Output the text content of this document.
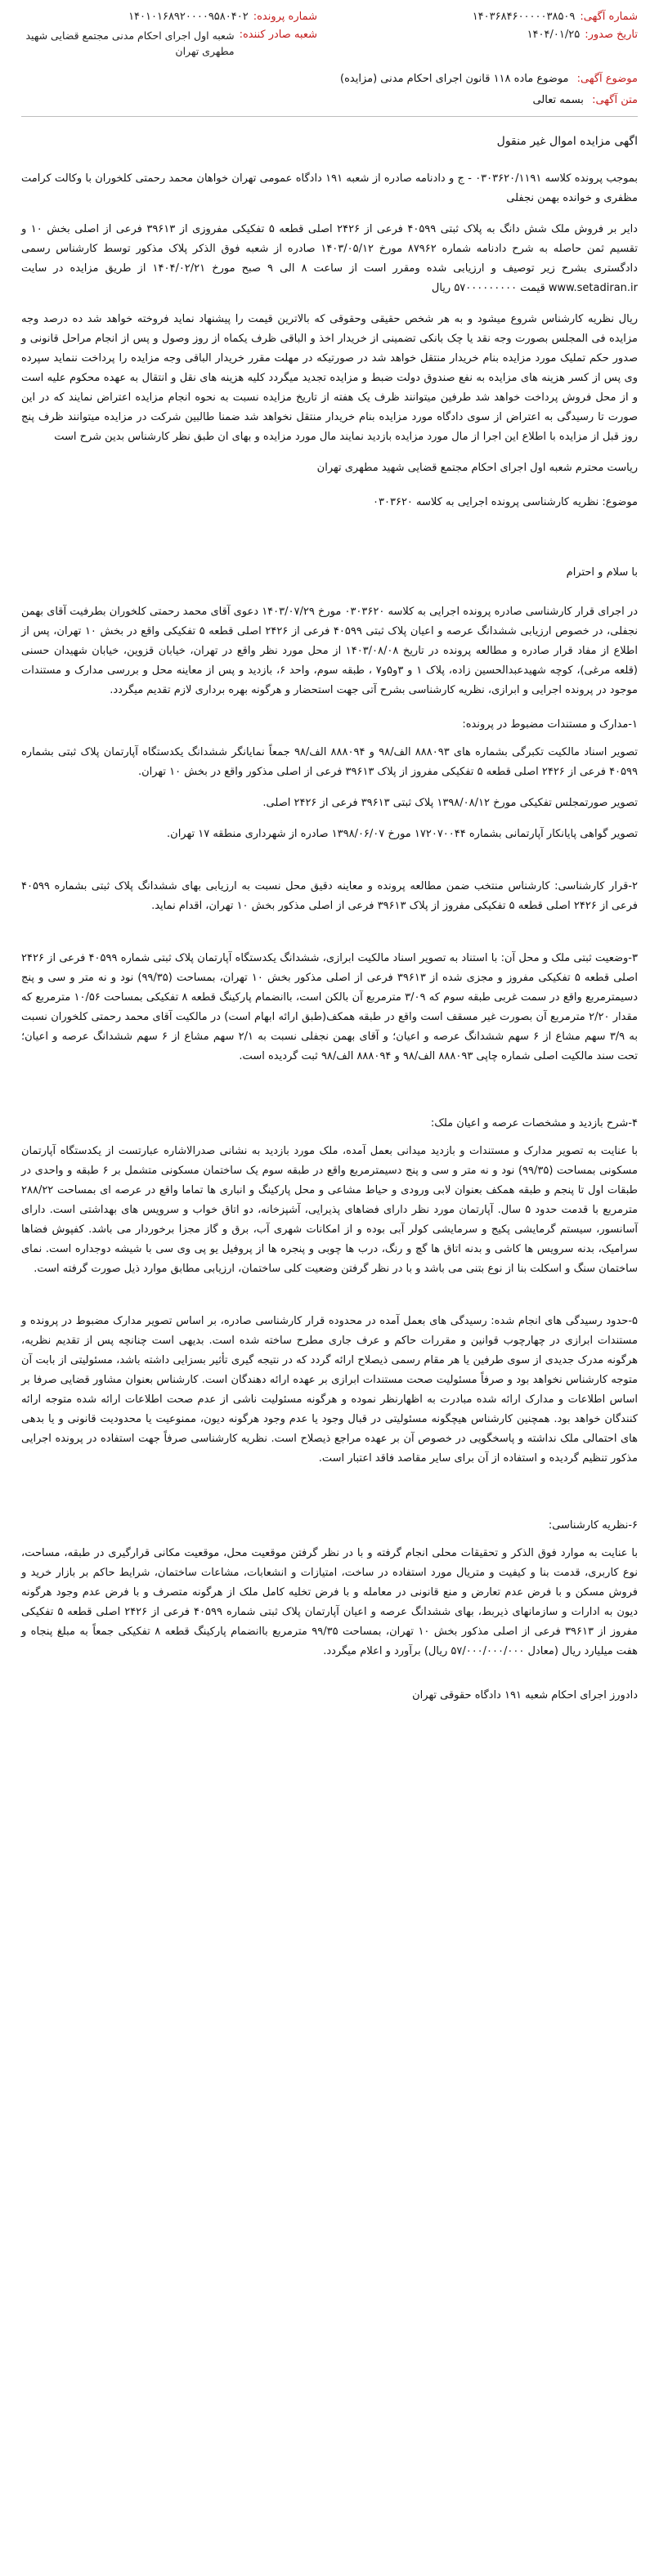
شماره آگهی:
۱۴۰۳۶۸۴۶۰۰۰۰۰۳۸۵۰۹
تاریخ صدور:
۱۴۰۴/۰۱/۲۵
شماره پرونده:
۱۴۰۱۰۱۶۸۹۲۰۰۰۰۹۵۸۰۴۰۲
شعبه صادر کننده:
شعبه اول اجرای احکام مدنی مجتمع قضایی شهید مطهری تهران
موضوع آگهی: موضوع ماده ۱۱۸ قانون اجرای احکام مدنی (مزایده)
متن آگهی: بسمه تعالی
اگهی مزایده اموال غیر منقول

بموجب پرونده کلاسه ۰۳۰۳۶۲۰/۱۱۹۱ - ج و دادنامه صادره از شعبه ۱۹۱ دادگاه عمومی تهران خواهان محمد رحمتی کلخوران با وکالت کرامت مظفری و خوانده بهمن نجفلی

دایر بر فروش ملک شش دانگ به پلاک ثبتی ۴۰۵۹۹ فرعی از ۲۴۲۶ اصلی قطعه ۵ تفکیکی مفروزی از ۳۹۶۱۳ فرعی از اصلی بخش ۱۰ و تقسیم ثمن حاصله به شرح دادنامه شماره ۸۷۹۶۲ مورخ ۱۴۰۳/۰۵/۱۲ صادره از شعبه فوق الذکر پلاک مذکور توسط کارشناس رسمی دادگستری بشرح زیر توصیف و ارزیابی شده ومقرر است از ساعت ۸ الی ۹ صبح مورخ ۱۴۰۴/۰۲/۲۱ از طریق مزایده در سایت www.setadiran.ir قیمت ۵۷۰۰۰۰۰۰۰۰۰ ریال

ریال نظریه کارشناس شروع میشود و به هر شخص حقیقی وحقوقی که بالاترین قیمت را پیشنهاد نماید فروخته خواهد شد ده درصد وجه مزایده فی المجلس بصورت وجه نقد یا چک بانکی تضمینی از خریدار اخذ و الباقی ظرف یکماه از روز وصول و پس از انجام مراحل قانونی و صدور حکم تملیک مورد مزایده بنام خریدار منتقل خواهد شد در صورتیکه در مهلت مقرر خریدار الباقی وجه مزایده را پرداخت ننماید سپرده وی پس از کسر هزینه های مزایده به نفع صندوق دولت ضبط و مزایده تجدید میگردد کلیه هزینه های نقل و انتقال به عهده محکوم علیه است و از محل فروش پرداخت خواهد شد طرفین میتوانند ظرف یک هفته از تاریخ مزایده نسبت به نحوه انجام مزایده اعتراض نمایند که در این صورت تا رسیدگی به اعتراض از سوی دادگاه مورد مزایده بنام خریدار منتقل نخواهد شد ضمنا طالبین شرکت در مزایده میتوانند ظرف پنج روز قبل از مزایده با اطلاع این اجرا از مال مورد مزایده بازدید نمایند مال مورد مزایده و بهای ان طبق نظر کارشناس بدین شرح است

ریاست محترم شعبه اول اجرای احکام مجتمع قضایی شهید مطهری تهران
موضوع: نظریه کارشناسی پرونده اجرایی به کلاسه ۰۳۰۳۶۲۰
با سلام و احترام

در اجرای قرار کارشناسی صادره پرونده اجرایی به کلاسه ۰۳۰۳۶۲۰ مورخ ۱۴۰۳/۰۷/۲۹ دعوی آقای محمد رحمتی کلخوران بطرفیت آقای بهمن نجفلی، در خصوص ارزیابی ششدانگ عرصه و اعیان پلاک ثبتی ۴۰۵۹۹ فرعی از ۲۴۲۶ اصلی قطعه ۵ تفکیکی واقع در بخش ۱۰ تهران، پس از اطلاع از مفاد قرار صادره و مطالعه پرونده در تاریخ ۱۴۰۳/۰۸/۰۸ از محل مورد نظر واقع در تهران، خیابان قزوین، خیابان شهیدان حسنی (قلعه مرغی)، کوچه شهیدعبدالحسین زاده، پلاک ۱ و ۳و۵و۷ ، طبقه سوم، واحد ۶، بازدید و پس از معاینه محل و بررسی مدارک و مستندات موجود در پرونده اجرایی و ابرازی، نظریه کارشناسی بشرح آتی جهت استحضار و هرگونه بهره برداری لازم تقدیم میگردد.

۱-مدارک و مستندات مضبوط در پرونده:
تصویر اسناد مالکیت تکبرگی بشماره های ۸۸۸۰۹۳ الف/۹۸ و ۸۸۸۰۹۴ الف/۹۸ جمعاً نمایانگر ششدانگ یکدستگاه آپارتمان پلاک ثبتی بشماره ۴۰۵۹۹ فرعی از ۲۴۲۶ اصلی قطعه ۵ تفکیکی مفروز از پلاک ۳۹۶۱۳ فرعی از اصلی مذکور واقع در بخش ۱۰ تهران.
تصویر صورتمجلس تفکیکی مورخ ۱۳۹۸/۰۸/۱۲ پلاک ثبتی ۳۹۶۱۳ فرعی از ۲۴۲۶ اصلی.
تصویر گواهی پایانکار آپارتمانی بشماره ۱۷۲۰۷۰۰۴۴ مورخ ۱۳۹۸/۰۶/۰۷ صادره از شهرداری منطقه ۱۷ تهران.

۲-قرار کارشناسی: کارشناس منتخب ضمن مطالعه پرونده و معاینه دقیق محل نسبت به ارزیابی بهای ششدانگ پلاک ثبتی بشماره ۴۰۵۹۹ فرعی از ۲۴۲۶ اصلی قطعه ۵ تفکیکی مفروز از پلاک ۳۹۶۱۳ فرعی از اصلی مذکور بخش ۱۰ تهران، اقدام نماید.

۳-وضعیت ثبتی ملک و محل آن: با استناد به تصویر اسناد مالکیت ابرازی، ششدانگ یکدستگاه آپارتمان پلاک ثبتی شماره ۴۰۵۹۹ فرعی از ۲۴۲۶ اصلی قطعه ۵ تفکیکی مفروز و مجزی شده از ۳۹۶۱۳ فرعی از اصلی مذکور بخش ۱۰ تهران، بمساحت (۹۹/۳۵) نود و نه متر و سی و پنج دسیمترمربع واقع در سمت غربی طبقه سوم که ۳/۰۹ مترمربع آن بالکن است، باانضمام پارکینگ قطعه ۸ تفکیکی بمساحت ۱۰/۵۶ مترمربع که مقدار ۲/۲۰ مترمربع آن بصورت غیر مسقف است واقع در طبقه همکف(طبق ارائه ابهام است) در مالکیت آقای محمد رحمتی کلخوران نسبت به ۳/۹ سهم مشاع از ۶ سهم ششدانگ عرصه و اعیان؛ و آقای بهمن نجفلی نسبت به ۲/۱ سهم مشاع از ۶ سهم ششدانگ عرصه و اعیان؛ تحت سند مالکیت اصلی شماره چاپی ۸۸۸۰۹۳ الف/۹۸ و ۸۸۸۰۹۴ الف/۹۸ ثبت گردیده است.

۴-شرح بازدید و مشخصات عرصه و اعیان ملک:

با عنایت به تصویر مدارک و مستندات و بازدید میدانی بعمل آمده، ملک مورد بازدید به نشانی صدرالاشاره عبارتست از یکدستگاه آپارتمان مسکونی بمساحت (۹۹/۳۵) نود و نه متر و سی و پنج دسیمترمربع واقع در طبقه سوم یک ساختمان مسکونی متشمل بر ۶ طبقه و واحدی در طبقات اول تا پنجم و طبقه همکف بعنوان لابی ورودی و حیاط مشاعی و محل پارکینگ و انباری ها تماما واقع در عرصه ای بمساحت ۲۸۸/۲۲ مترمربع با قدمت حدود ۵ سال. آپارتمان مورد نظر دارای فضاهای پذیرایی، آشپزخانه، دو اتاق خواب و سرویس های بهداشتی است. دارای آسانسور، سیستم گرمایشی پکیج و سرمایشی کولر آبی بوده و از امکانات شهری آب، برق و گاز مجزا برخوردار می باشد. کفپوش فضاها سرامیک، بدنه سرویس ها کاشی و بدنه اتاق ها گچ و رنگ، درب ها چوبی و پنجره ها از پروفیل یو پی وی سی با شیشه دوجداره است. نمای ساختمان سنگ و اسکلت بنا از نوع بتنی می باشد و با در نظر گرفتن وضعیت کلی ساختمان، ارزیابی مطابق موارد ذیل صورت گرفته است.

۵-حدود رسیدگی های انجام شده: رسیدگی های بعمل آمده در محدوده قرار کارشناسی صادره، بر اساس تصویر مدارک مضبوط در پرونده و مستندات ابرازی در چهارچوب قوانین و مقررات حاکم و عرف جاری مطرح ساخته شده است. بدیهی است چنانچه پس از تقدیم نظریه، هرگونه مدرک جدیدی از سوی طرفین یا هر مقام رسمی ذیصلاح ارائه گردد که در نتیجه گیری تأثیر بسزایی داشته باشد، مسئولیتی از بابت آن متوجه کارشناس نخواهد بود و صرفاً مسئولیت صحت مستندات ابرازی بر عهده ارائه دهندگان است. کارشناس بعنوان مشاور قضایی صرفا بر اساس اطلاعات و مدارک ارائه شده مبادرت به اظهارنظر نموده و هرگونه مسئولیت ناشی از عدم صحت اطلاعات ارائه شده متوجه ارائه کنندگان خواهد بود. همچنین کارشناس هیچگونه مسئولیتی در قبال وجود یا عدم وجود هرگونه دیون، ممنوعیت یا محدودیت قانونی و یا بدهی های احتمالی ملک نداشته و پاسخگویی در خصوص آن بر عهده مراجع ذیصلاح است. نظریه کارشناسی صرفاً جهت استفاده در پرونده اجرایی مذکور تنظیم گردیده و استفاده از آن برای سایر مقاصد فاقد اعتبار است.

۶-نظریه کارشناسی:

با عنایت به موارد فوق الذکر و تحقیقات محلی انجام گرفته و با در نظر گرفتن موقعیت محل، موقعیت مکانی قرارگیری در طبقه، مساحت، نوع کاربری، قدمت بنا و کیفیت و متریال مورد استفاده در ساخت، امتیازات و انشعابات، مشاعات ساختمان، شرایط حاکم بر بازار خرید و فروش مسکن و با فرض عدم تعارض و منع قانونی در معامله و با فرض تخلیه کامل ملک از هرگونه متصرف و با فرض عدم وجود هرگونه دیون به ادارات و سازمانهای ذیربط، بهای ششدانگ عرصه و اعیان آپارتمان پلاک ثبتی شماره ۴۰۵۹۹ فرعی از ۲۴۲۶ اصلی قطعه ۵ تفکیکی مفروز از ۳۹۶۱۳ فرعی از اصلی مذکور بخش ۱۰ تهران، بمساحت ۹۹/۳۵ مترمربع باانضمام پارکینگ قطعه ۸ تفکیکی جمعاً به مبلغ پنجاه و هفت میلیارد ریال (معادل ۵۷/۰۰۰/۰۰۰/۰۰۰ ریال) برآورد و اعلام میگردد.

دادورز اجرای احکام شعبه ۱۹۱ دادگاه حقوقی تهران
